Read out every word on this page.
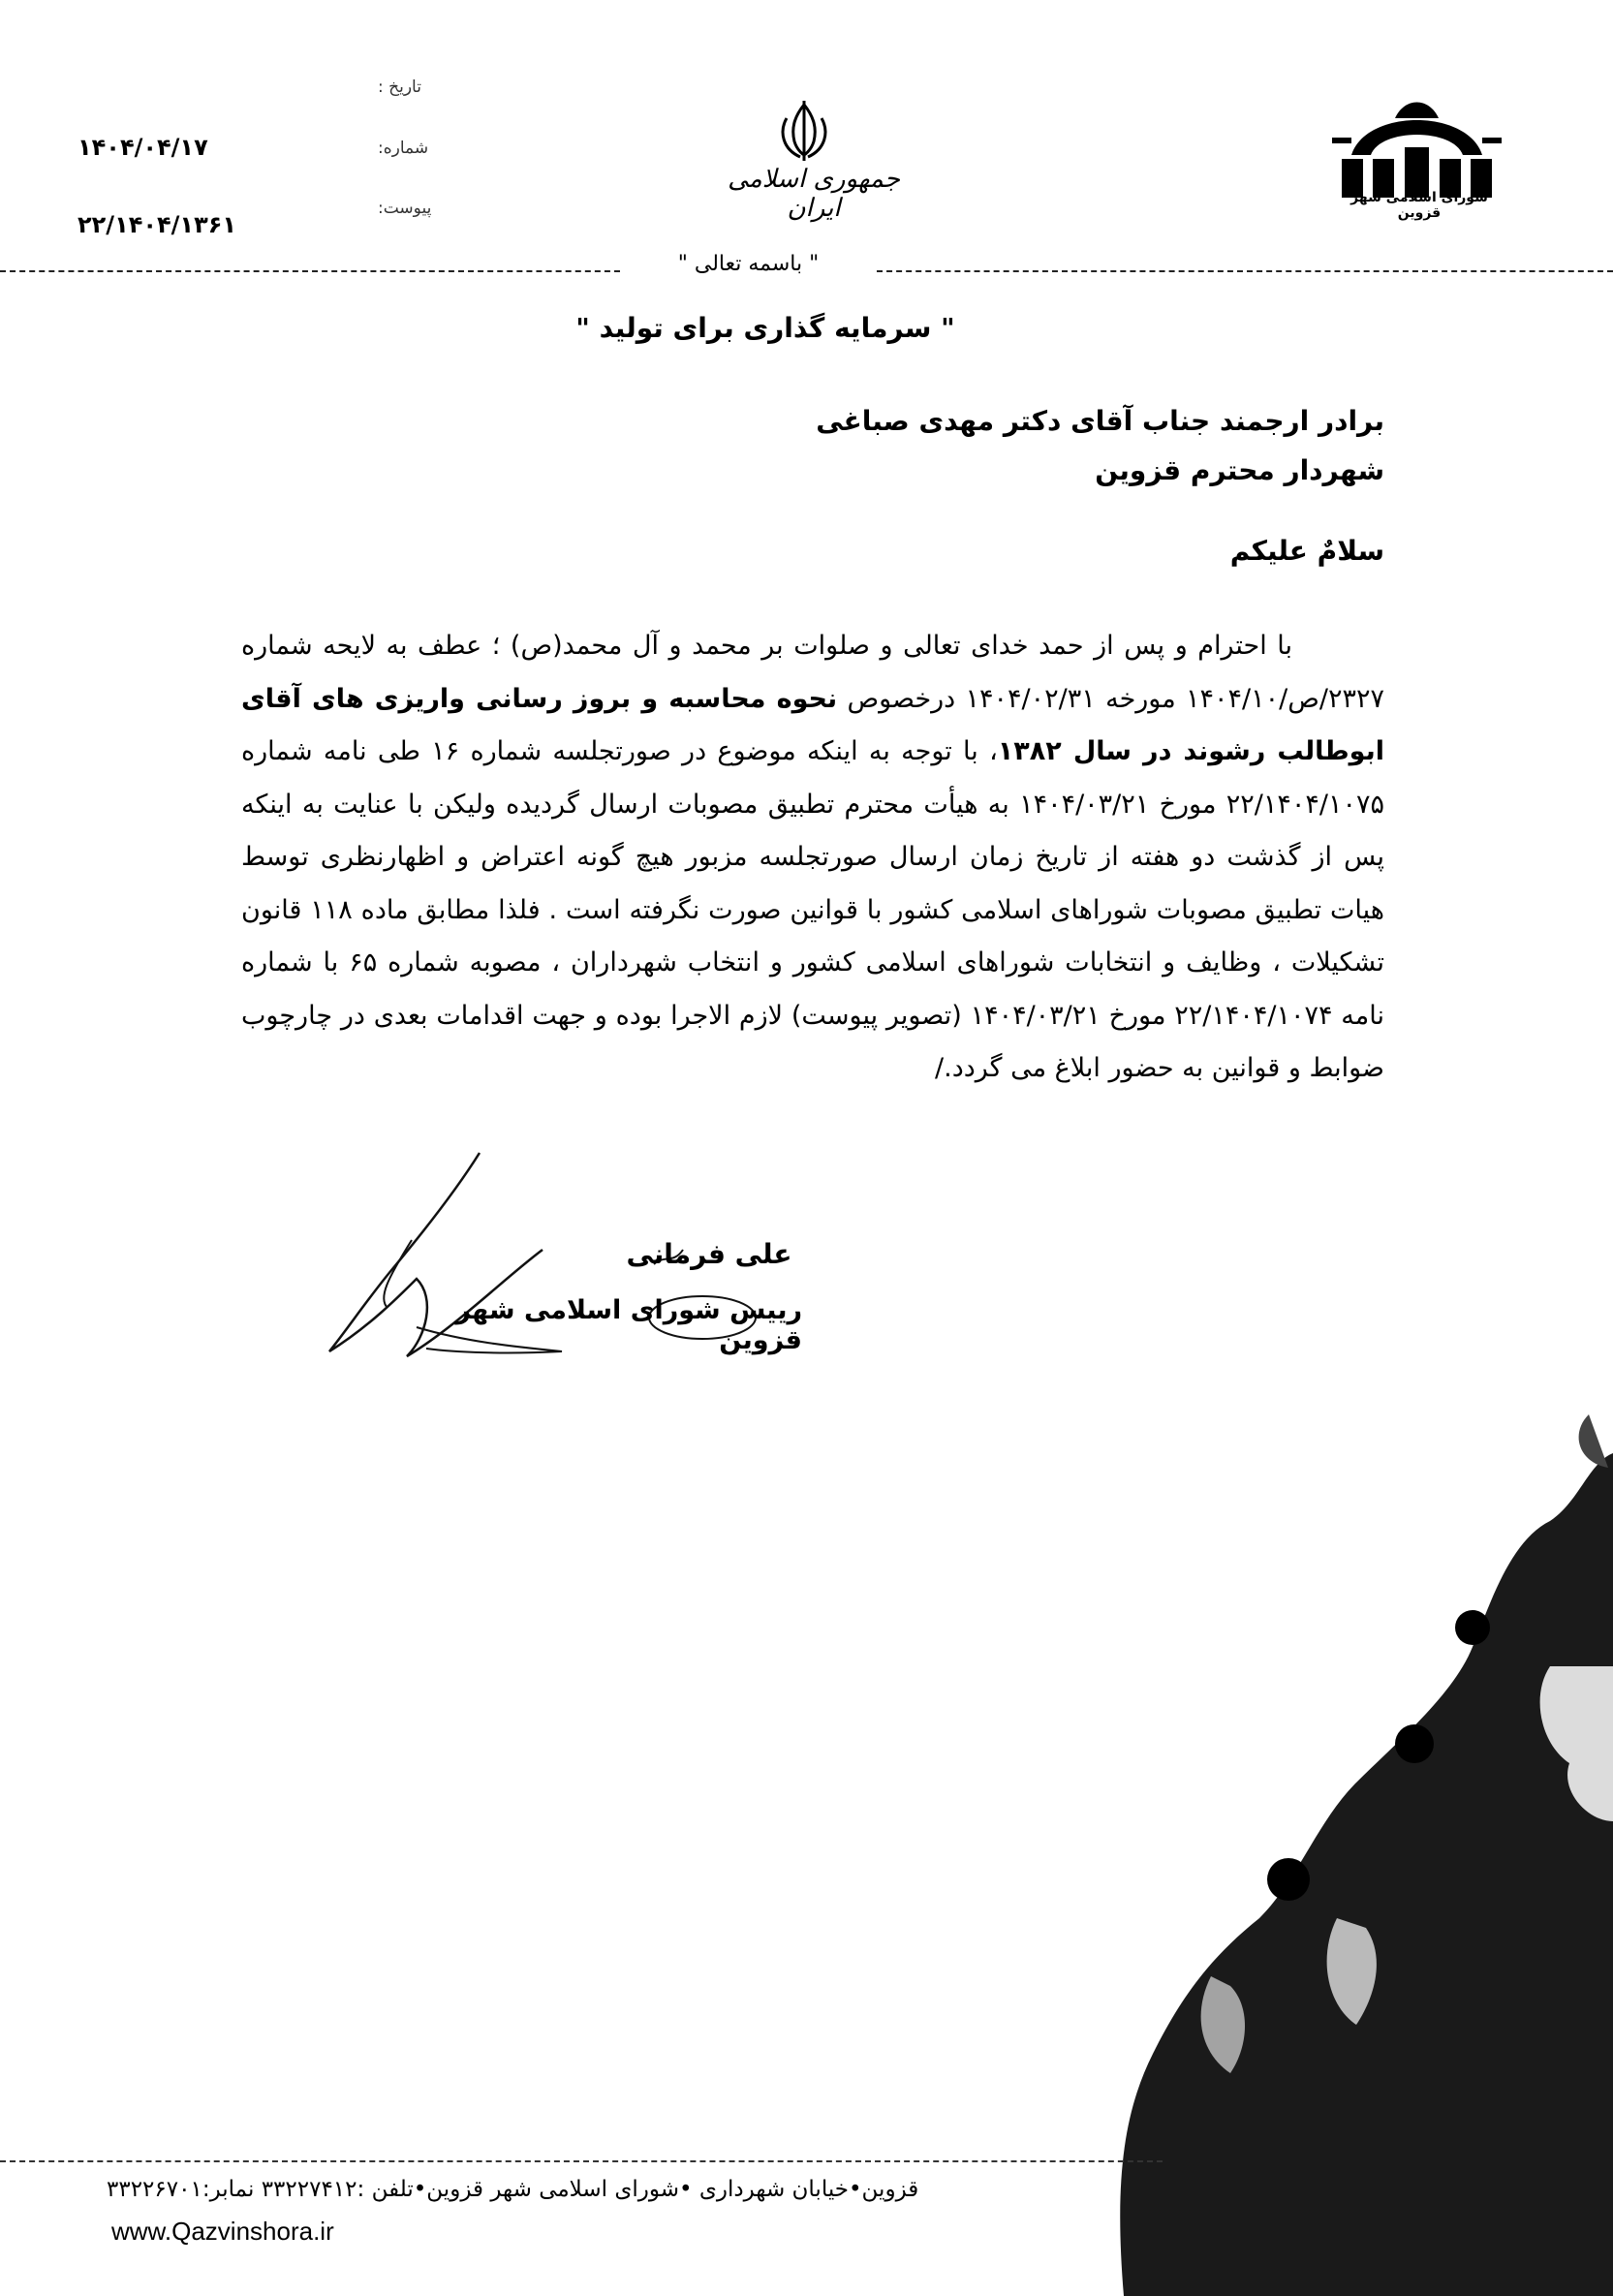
تاریخ :
شماره:
پیوست:
۱۴۰۴/۰۴/۱۷
۲۲/۱۴۰۴/۱۳۶۱
جمهوری اسلامی ایران	شورای اسلامی شهر قزوین
" باسمه تعالی "
" سرمایه گذاری برای تولید "
برادر ارجمند جناب آقای دکتر مهدی صباغی
شهردار محترم قزوین
سلامٌ علیکم

با احترام و پس از حمد خدای تعالی و صلوات بر محمد و آل محمد(ص) ؛ عطف به لایحه شماره ۲۳۲۷/ص/۱۴۰۴/۱۰ مورخه ۱۴۰۴/۰۲/۳۱ درخصوص نحوه محاسبه و بروز رسانی واریزی های آقای ابوطالب رشوند در سال ۱۳۸۲، با توجه به اینکه موضوع در صورتجلسه شماره ۱۶ طی نامه شماره ۲۲/۱۴۰۴/۱۰۷۵ مورخ ۱۴۰۴/۰۳/۲۱ به هیأت محترم تطبیق مصوبات ارسال گردیده ولیکن با عنایت به اینکه پس از گذشت دو هفته از تاریخ زمان ارسال صورتجلسه مزبور هیچ گونه اعتراض و اظهارنظری توسط هیات تطبیق مصوبات شوراهای اسلامی کشور با قوانین صورت نگرفته است . فلذا مطابق ماده ۱۱۸ قانون تشکیلات ، وظایف و انتخابات شوراهای اسلامی کشور و انتخاب شهرداران ، مصوبه شماره ۶۵ با شماره نامه ۲۲/۱۴۰۴/۱۰۷۴ مورخ ۱۴۰۴/۰۳/۲۱ (تصویر پیوست) لازم الاجرا بوده و جهت اقدامات بعدی در چارچوب ضوابط و قوانین به حضور ابلاغ می گردد./

علی فرمانی
رییس شورای اسلامی شهر قزوین
قزوین•خیابان شهرداری •شورای اسلامی شهر قزوین•تلفن :۳۳۲۲۷۴۱۲ نمابر:۳۳۲۲۶۷۰۱
www.Qazvinshora.ir
